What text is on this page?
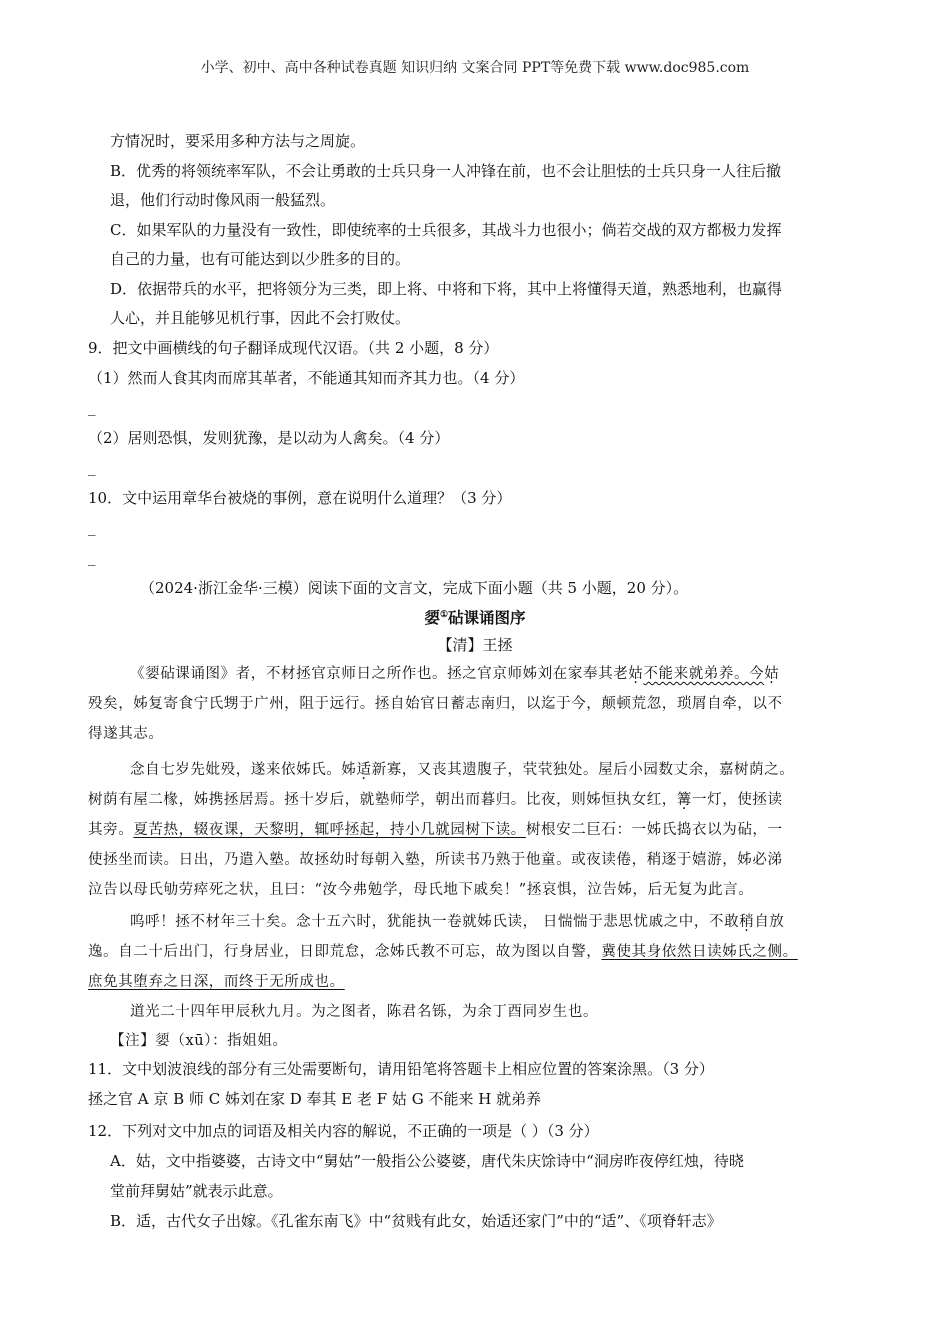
小学、初中、高中各种试卷真题 知识归纳 文案合同 PPT等免费下载 www.doc985.com
方情况时，要采用多种方法与之周旋。
B．优秀的将领统率军队，不会让勇敢的士兵只身一人冲锋在前，也不会让胆怯的士兵只身一人往后撤
退，他们行动时像风雨一般猛烈。
C．如果军队的力量没有一致性，即使统率的士兵很多，其战斗力也很小；倘若交战的双方都极力发挥
自己的力量，也有可能达到以少胜多的目的。
D．依据带兵的水平，把将领分为三类，即上将、中将和下将，其中上将懂得天道，熟悉地利，也赢得
人心，并且能够见机行事，因此不会打败仗。
9．把文中画横线的句子翻译成现代汉语。（共 2 小题，8 分）
（1）然而人食其肉而席其革者，不能通其知而齐其力也。（4 分）
_
（2）居则恐惧，发则犹豫，是以动为人禽矣。（4 分）
_
10．文中运用章华台被烧的事例，意在说明什么道理？（3 分）
_
_
（2024·浙江金华·三模）阅读下面的文言文，完成下面小题（共 5 小题，20 分）。
媭①砧课诵图序
【清】王拯
《媭砧课诵图》者，不材拯官京师日之所作也。拯之官京师姊刘在家奉其老姑不能来就弟养。今姑
殁矣，姊复寄食宁氏甥于广州，阻于远行。拯自始官日蓄志南归，以迄于今，颠顿荒忽，琐屑自牵，以不
得遂其志。
念自七岁先妣殁，遂来依姊氏。姊适新寡，又丧其遗腹子，茕茕独处。屋后小园数丈余，嘉树荫之。
树荫有屋二椽，姊携拯居焉。拯十岁后，就塾师学，朝出而暮归。比夜，则姊恒执女红，篝一灯，使拯读
其旁。夏苦热，辍夜课，天黎明，辄呼拯起，持小几就园树下读。树根安二巨石：一姊氏捣衣以为砧，一
使拯坐而读。日出，乃遣入塾。故拯幼时每朝入塾，所读书乃熟于他童。或夜读倦，稍逐于嬉游，姊必涕
泣告以母氏劬劳瘁死之状，且曰：“汝今弗勉学，母氏地下戚矣！”拯哀惧，泣告姊，后无复为此言。
呜呼！拯不材年三十矣。念十五六时，犹能执一卷就姊氏读， 日惴惴于悲思忧戚之中，不敢稍自放
逸。自二十后出门，行身居业，日即荒怠，念姊氏教不可忘，故为图以自警，冀使其身依然日读姊氏之侧。
庶免其堕弃之日深，而终于无所成也。
道光二十四年甲辰秋九月。为之图者，陈君名铄，为余丁酉同岁生也。
【注】媭（xū）：指姐姐。
11．文中划波浪线的部分有三处需要断句，请用铅笔将答题卡上相应位置的答案涂黑。（3 分）
拯之官 A 京 B 师 C 姊刘在家 D 奉其 E 老 F 姑 G 不能来 H 就弟养
12．下列对文中加点的词语及相关内容的解说，不正确的一项是（ ）（3 分）
A．姑，文中指婆婆，古诗文中“舅姑”一般指公公婆婆，唐代朱庆馀诗中“洞房昨夜停红烛，待晓
堂前拜舅姑”就表示此意。
B．适，古代女子出嫁。《孔雀东南飞》中“贫贱有此女，始适还家门”中的“适”、《项脊轩志》
